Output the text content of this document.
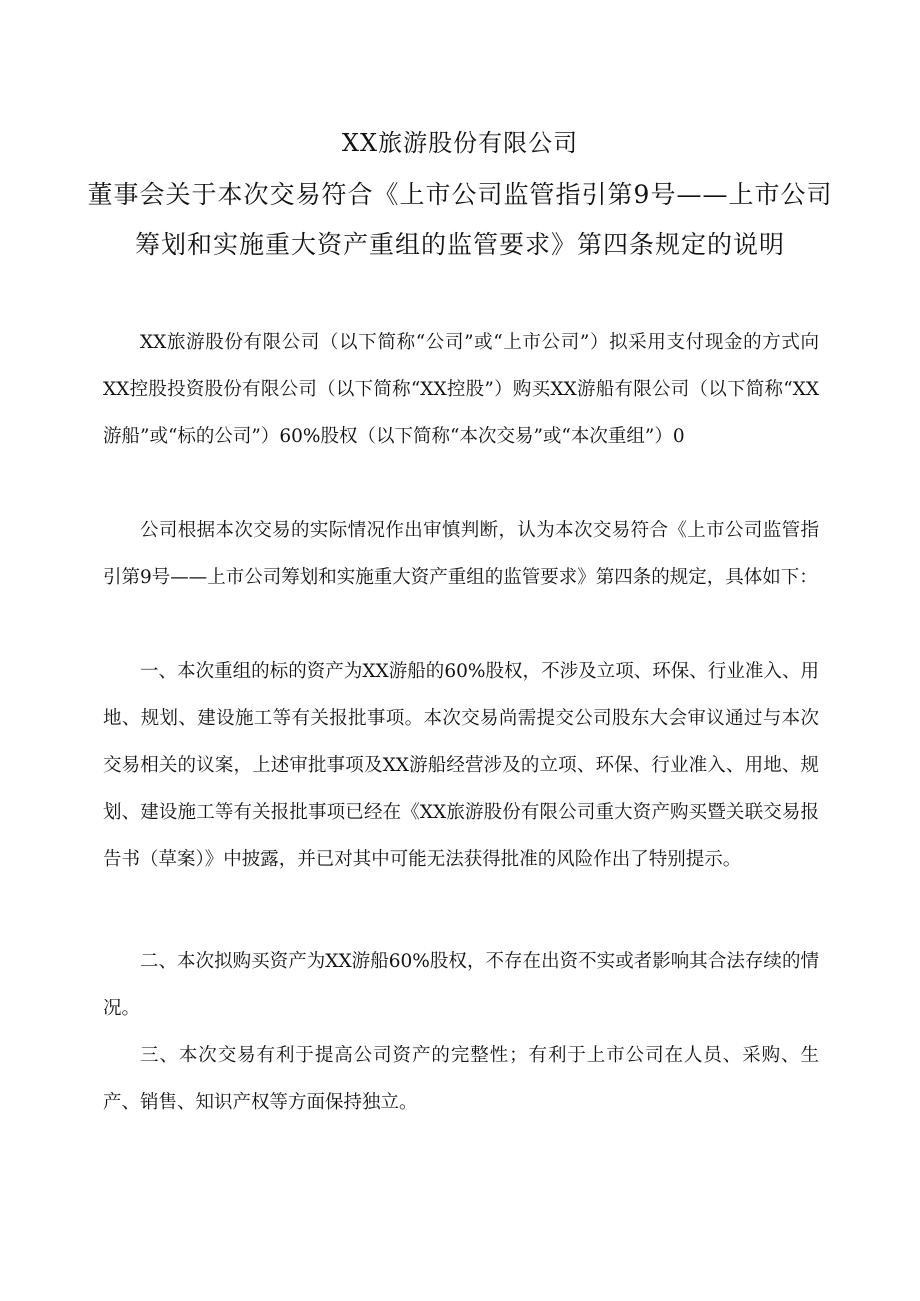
XX旅游股份有限公司
董事会关于本次交易符合《上市公司监管指引第9号——上市公司
筹划和实施重大资产重组的监管要求》第四条规定的说明

XX旅游股份有限公司（以下简称“公司”或“上市公司”）拟采用支付现金的方式向XX控股投资股份有限公司（以下简称“XX控股”）购买XX游船有限公司（以下简称“XX游船”或“标的公司”）60%股权（以下简称“本次交易”或“本次重组”）0

公司根据本次交易的实际情况作出审慎判断，认为本次交易符合《上市公司监管指引第9号——上市公司筹划和实施重大资产重组的监管要求》第四条的规定，具体如下：

一、本次重组的标的资产为XX游船的60%股权，不涉及立项、环保、行业准入、用地、规划、建设施工等有关报批事项。本次交易尚需提交公司股东大会审议通过与本次交易相关的议案，上述审批事项及XX游船经营涉及的立项、环保、行业准入、用地、规划、建设施工等有关报批事项已经在《XX旅游股份有限公司重大资产购买暨关联交易报告书（草案）》中披露，并已对其中可能无法获得批准的风险作出了特别提示。

二、本次拟购买资产为XX游船60%股权，不存在出资不实或者影响其合法存续的情况。

三、本次交易有利于提高公司资产的完整性；有利于上市公司在人员、采购、生产、销售、知识产权等方面保持独立。
